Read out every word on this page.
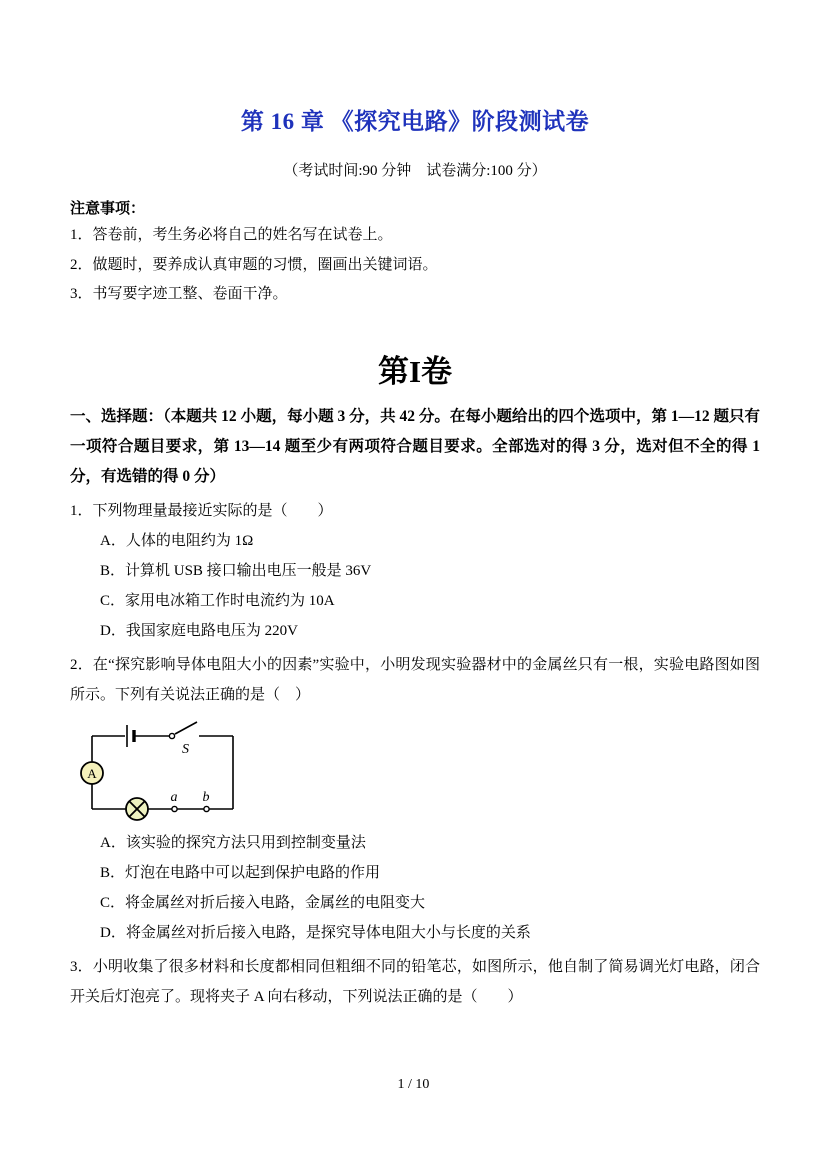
第 16 章 《探究电路》阶段测试卷

（考试时间:90 分钟　试卷满分:100 分）

注意事项：

1．答卷前，考生务必将自己的姓名写在试卷上。

2．做题时，要养成认真审题的习惯，圈画出关键词语。

3．书写要字迹工整、卷面干净。

第I卷

一、选择题：（本题共 12 小题，每小题 3 分，共 42 分。在每小题给出的四个选项中，第 1—12 题只有一项符合题目要求，第 13—14 题至少有两项符合题目要求。全部选对的得 3 分，选对但不全的得 1 分，有选错的得 0 分）

1．下列物理量最接近实际的是（　　）

A．人体的电阻约为 1Ω

B．计算机 USB 接口输出电压一般是 36V

C．家用电冰箱工作时电流约为 10A

D．我国家庭电路电压为 220V

2．在“探究影响导体电阻大小的因素”实验中，小明发现实验器材中的金属丝只有一根，实验电路图如图所示。下列有关说法正确的是（　）

S
A
a b

A．该实验的探究方法只用到控制变量法

B．灯泡在电路中可以起到保护电路的作用

C．将金属丝对折后接入电路，金属丝的电阻变大

D．将金属丝对折后接入电路，是探究导体电阻大小与长度的关系

3．小明收集了很多材料和长度都相同但粗细不同的铅笔芯，如图所示，他自制了简易调光灯电路，闭合开关后灯泡亮了。现将夹子 A 向右移动，下列说法正确的是（　　）

1 / 10
